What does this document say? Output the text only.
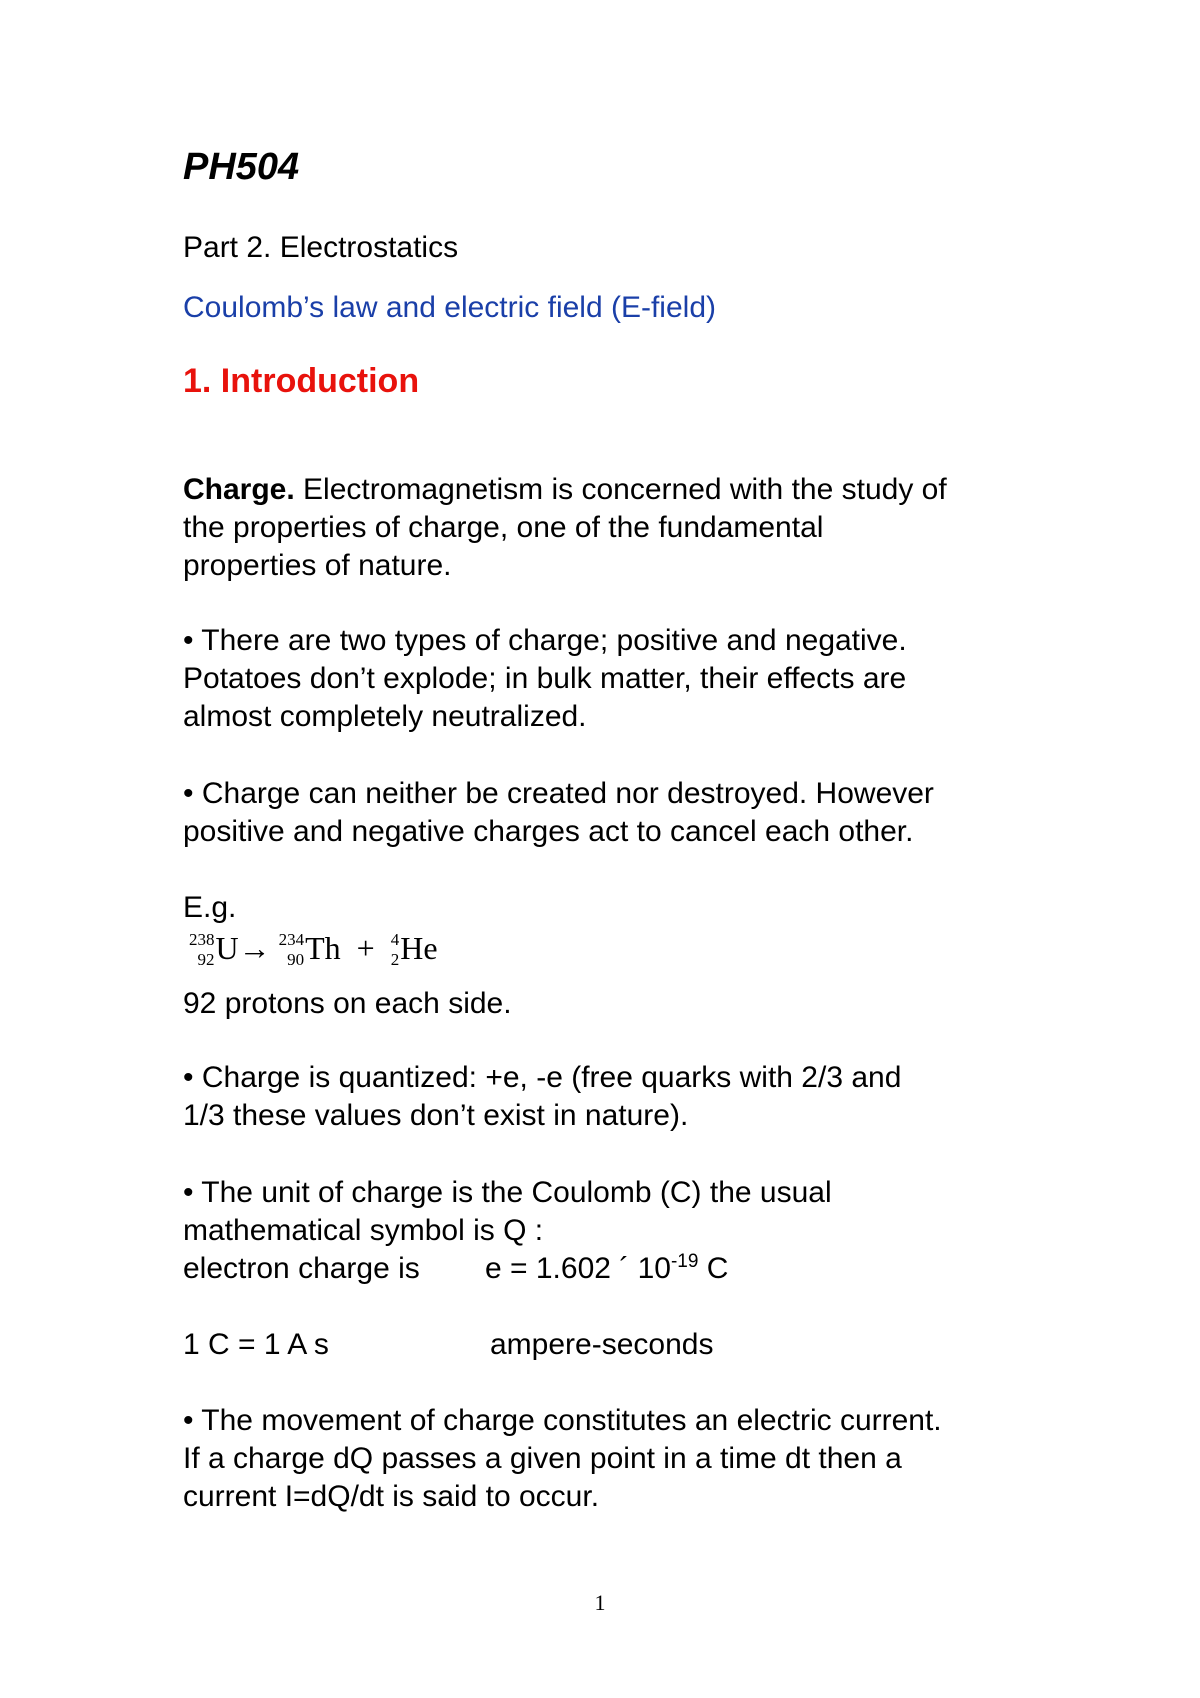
PH504
Part 2. Electrostatics
Coulomb’s law and electric field (E-field)
1. Introduction
Charge. Electromagnetism is concerned with the study of
the properties of charge, one of the fundamental
properties of nature.
• There are two types of charge; positive and negative.
Potatoes don’t explode; in bulk matter, their effects are
almost completely neutralized.
• Charge can neither be created nor destroyed. However
positive and negative charges act to cancel each other.
E.g.
238
92 U→ 234
90 Th + 4
2 He
92 protons on each side.
• Charge is quantized: +e, -e (free quarks with 2/3 and
1/3 these values don’t exist in nature).
• The unit of charge is the Coulomb (C) the usual
mathematical symbol is Q :
electron charge is e = 1.602 ´ $10^{-19}$ C
1 C = 1 A s	ampere-seconds
• The movement of charge constitutes an electric current.
If a charge dQ passes a given point in a time dt then a
current I=dQ/dt is said to occur.
1
